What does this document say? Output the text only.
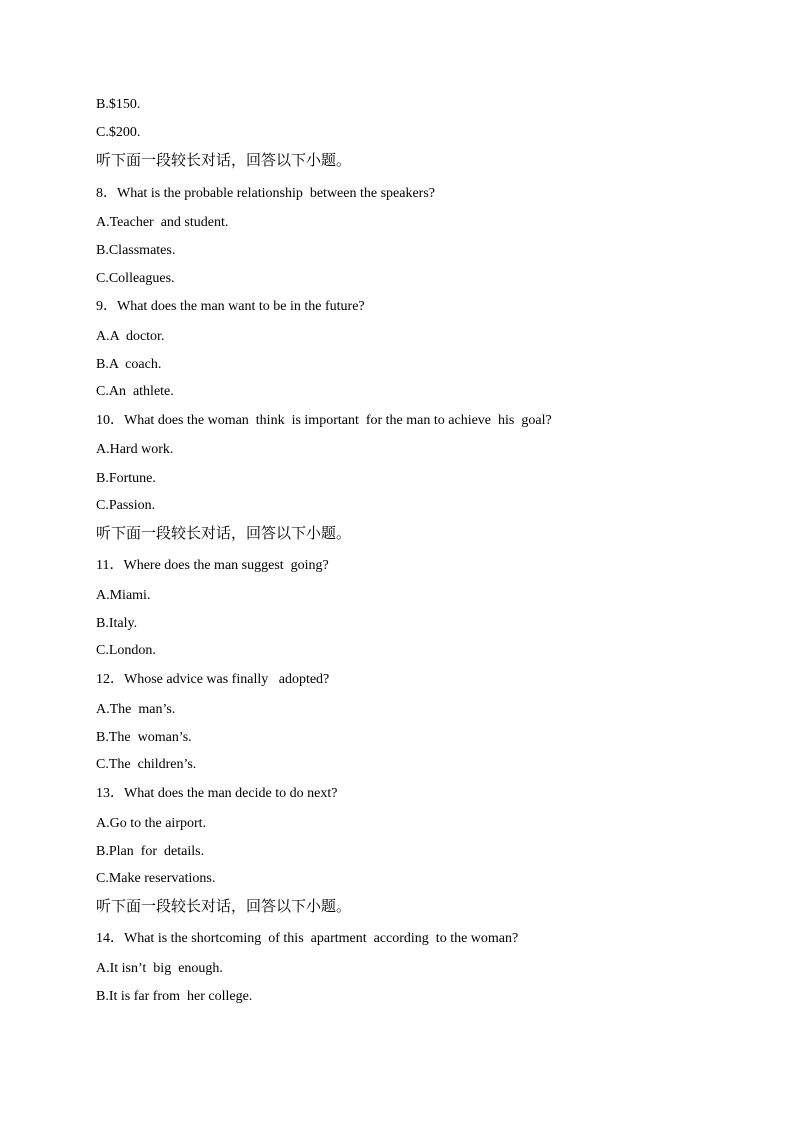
B.$150.
C.$200.
听下面一段较长对话，回答以下小题。
8．What is the probable relationship  between the speakers?
A.Teacher  and student.
B.Classmates.
C.Colleagues.
9．What does the man want to be in the future?
A.A  doctor.
B.A  coach.
C.An  athlete.
10．What does the woman  think  is important  for the man to achieve  his  goal?
A.Hard work.
B.Fortune.
C.Passion.
听下面一段较长对话，回答以下小题。
11．Where does the man suggest  going?
A.Miami.
B.Italy.
C.London.
12．Whose advice was finally   adopted?
A.The  man’s.
B.The  woman’s.
C.The  children’s.
13．What does the man decide to do next?
A.Go to the airport.
B.Plan  for  details.
C.Make reservations.
听下面一段较长对话，回答以下小题。
14．What is the shortcoming  of this  apartment  according  to the woman?
A.It isn’t  big  enough.
B.It is far from  her college.
